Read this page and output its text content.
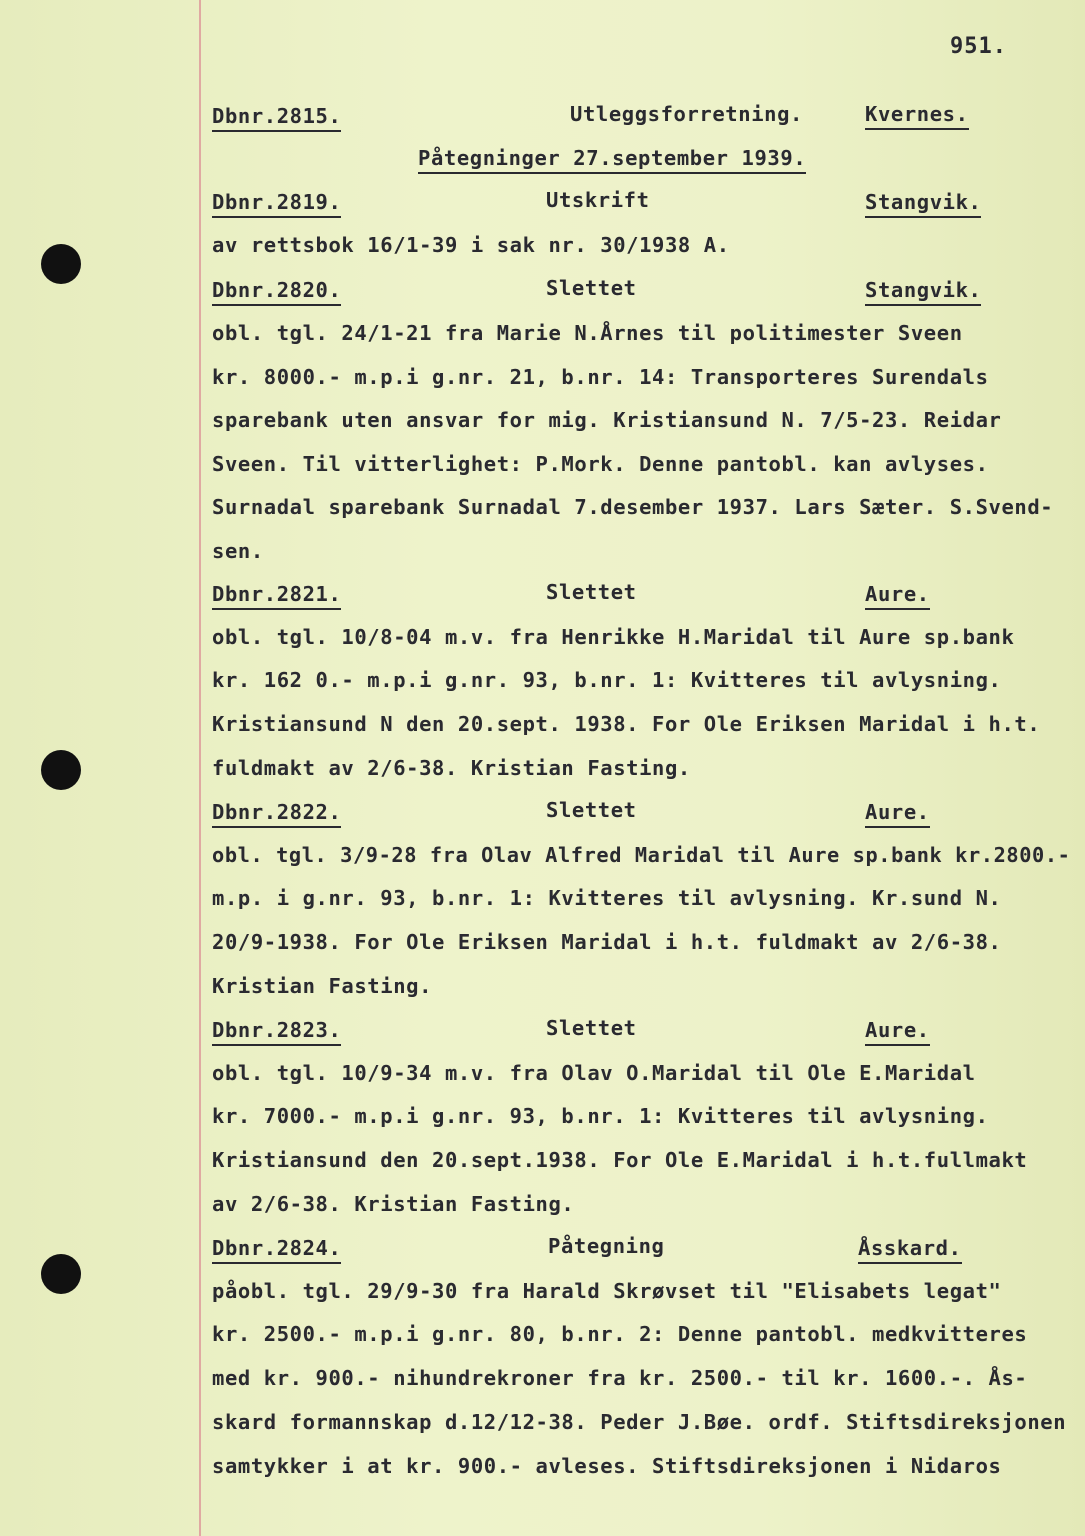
951.
Dbnr.2815.	Utleggsforretning.	Kvernes.
Påtegninger 27.september 1939.
Dbnr.2819.	Utskrift	Stangvik.
av rettsbok 16/1-39 i sak nr. 30/1938 A.
Dbnr.2820.	Slettet	Stangvik.
obl. tgl. 24/1-21 fra Marie N.Årnes til politimester Sveen
kr. 8000.- m.p.i g.nr. 21, b.nr. 14: Transporteres Surendals
sparebank uten ansvar for mig. Kristiansund N. 7/5-23. Reidar
Sveen. Til vitterlighet: P.Mork. Denne pantobl. kan avlyses.
Surnadal sparebank Surnadal 7.desember 1937. Lars Sæter. S.Svend-
sen.
Dbnr.2821.	Slettet	Aure.
obl. tgl. 10/8-04 m.v. fra Henrikke H.Maridal til Aure sp.bank
kr. 162 0.- m.p.i g.nr. 93, b.nr. 1: Kvitteres til avlysning.
Kristiansund N den 20.sept. 1938. For Ole Eriksen Maridal i h.t.
fuldmakt av 2/6-38. Kristian Fasting.
Dbnr.2822.	Slettet	Aure.
obl. tgl. 3/9-28 fra Olav Alfred Maridal til Aure sp.bank kr.2800.-
m.p. i g.nr. 93, b.nr. 1: Kvitteres til avlysning. Kr.sund N.
20/9-1938. For Ole Eriksen Maridal i h.t. fuldmakt av 2/6-38.
Kristian Fasting.
Dbnr.2823.	Slettet	Aure.
obl. tgl. 10/9-34 m.v. fra Olav O.Maridal til Ole E.Maridal
kr. 7000.- m.p.i g.nr. 93, b.nr. 1: Kvitteres til avlysning.
Kristiansund den 20.sept.1938. For Ole E.Maridal i h.t.fullmakt
av 2/6-38. Kristian Fasting.
Dbnr.2824.	Påtegning	Åsskard.
påobl. tgl. 29/9-30 fra Harald Skrøvset til "Elisabets legat"
kr. 2500.- m.p.i g.nr. 80, b.nr. 2: Denne pantobl. medkvitteres
med kr. 900.- nihundrekroner fra kr. 2500.- til kr. 1600.-. Ås-
skard formannskap d.12/12-38. Peder J.Bøe. ordf. Stiftsdireksjonen
samtykker i at kr. 900.- avleses. Stiftsdireksjonen i Nidaros
